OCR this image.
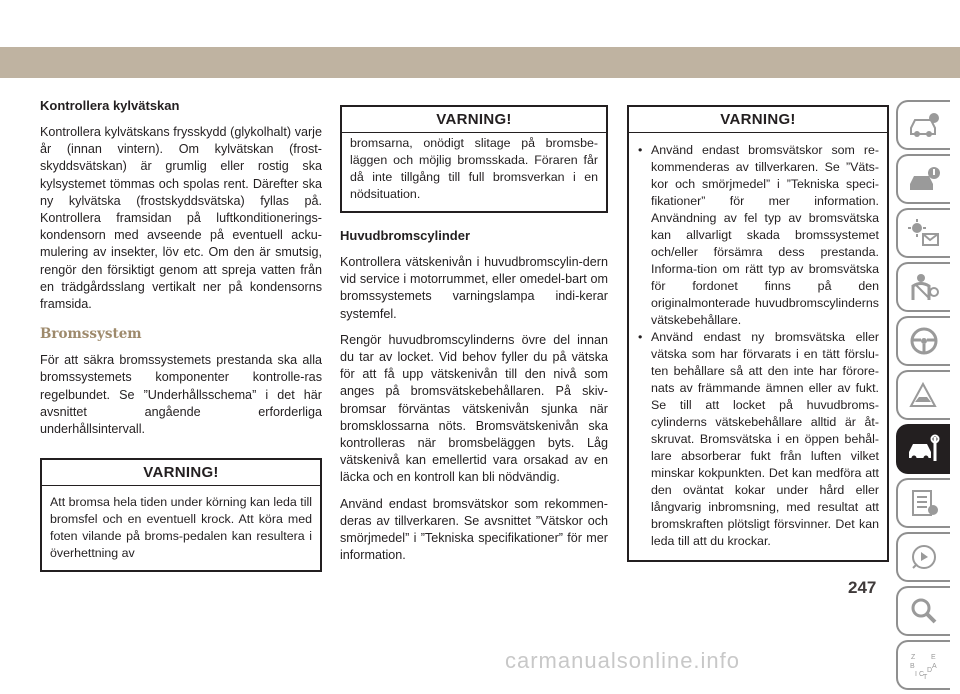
Kontrollera kylvätskan

Kontrollera kylvätskans frysskydd (glykolhalt) varje år (innan vintern). Om kylvätskan (frost-skyddsvätskan) är grumlig eller rostig ska kylsystemet tömmas och spolas rent. Därefter ska ny kylvätska (frostskyddsvätska) fyllas på. Kontrollera framsidan på luftkonditionerings-kondensorn med avseende på eventuell acku-mulering av insekter, löv etc. Om den är smutsig, rengör den försiktigt genom att spreja vatten från en trädgårdsslang vertikalt ner på kondensorns framsida.

Bromssystem

För att säkra bromssystemets prestanda ska alla bromssystemets komponenter kontrolle-ras regelbundet. Se ”Underhållsschema” i det här avsnittet angående erforderliga underhållsintervall.

VARNING!

Att bromsa hela tiden under körning kan leda till bromsfel och en eventuell krock. Att köra med foten vilande på broms-pedalen kan resultera i överhettning av

VARNING!

bromsarna, onödigt slitage på bromsbe-läggen och möjlig bromsskada. Föraren får då inte tillgång till full bromsverkan i en nödsituation.

Huvudbromscylinder

Kontrollera vätskenivån i huvudbromscylin-dern vid service i motorrummet, eller omedel-bart om bromssystemets varningslampa indi-kerar systemfel.

Rengör huvudbromscylinderns övre del innan du tar av locket. Vid behov fyller du på vätska för att få upp vätskenivån till den nivå som anges på bromsvätskebehållaren. På skiv-bromsar förväntas vätskenivån sjunka när bromsklossarna nöts. Bromsvätskenivån ska kontrolleras när bromsbeläggen byts. Låg vätskenivå kan emellertid vara orsakad av en läcka och en kontroll kan bli nödvändig.

Använd endast bromsvätskor som rekommen-deras av tillverkaren. Se avsnittet ”Vätskor och smörjmedel” i ”Tekniska specifikationer” för mer information.

VARNING!
• Använd endast bromsvätskor som re-kommenderas av tillverkaren. Se ”Väts-kor och smörjmedel” i ”Tekniska speci-fikationer” för mer information. Användning av fel typ av bromsvätska kan allvarligt skada bromssystemet och/eller försämra dess prestanda. Informa-tion om rätt typ av bromsvätska för fordonet finns på den originalmonterade huvudbromscylinderns vätskebehållare.
• Använd endast ny bromsvätska eller vätska som har förvarats i en tätt förslu-ten behållare så att den inte har förore-nats av främmande ämnen eller av fukt. Se till att locket på huvudbroms-cylinderns vätskebehållare alltid är åt-skruvat. Bromsvätska i en öppen behål-lare absorberar fukt från luften vilket minskar kokpunkten. Det kan medföra att den oväntat kokar under hård eller långvarig inbromsning, med resultat att bromskraften plötsligt försvinner. Det kan leda till att du krockar.
Z E
B A
D
I C
T
247
carmanualsonline.info
